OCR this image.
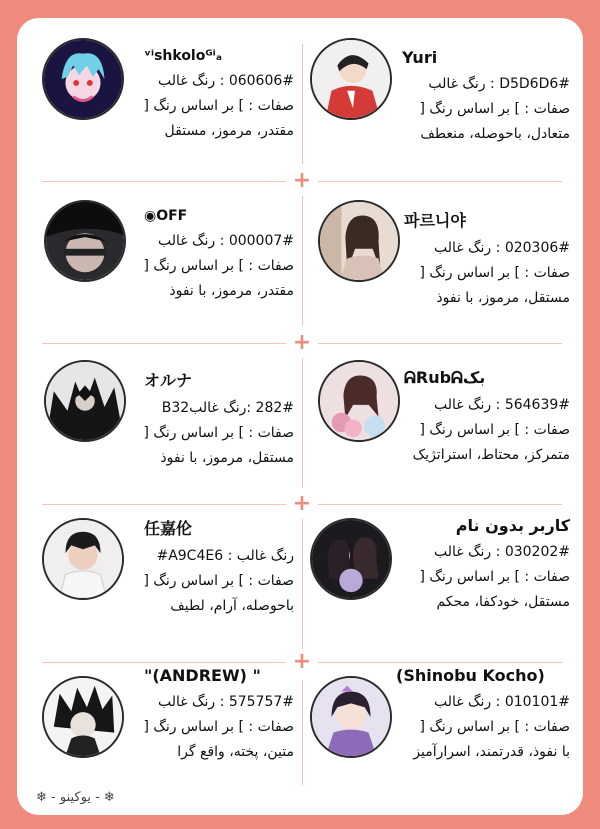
+
+
+
+
Yuri
#D5D6D6 : رنگ غالب
صفات : ] بر اساس رنگ [
متعادل، باحوصله، منعطف
ᵛⁱshkoloᴳⁱₐ
060606# : رنگ غالب
صفات : ] بر اساس رنگ [
مقتدر، مرموز، مستقل
파르니야
020306# : رنگ غالب
صفات : ] بر اساس رنگ [
مستقل، مرموز، با نفوذ
◉OFF
000007# : رنگ غالب
صفات : ] بر اساس رنگ [
مقتدر، مرموز، با نفوذ
ᕱRubᕱبک
564639# : رنگ غالب
صفات : ] بر اساس رنگ [
متمرکز، محتاط، استراتژیک
オルナ
282# :رنگ غالبB32
صفات : ] بر اساس رنگ [
مستقل، مرموز، با نفوذ
کاربر بدون نام
030202# : رنگ غالب
صفات : ] بر اساس رنگ [
مستقل، خودکفا، محکم
任嘉伦
#A9C4E6 : رنگ غالب
صفات : ] بر اساس رنگ [
باحوصله، آرام، لطیف
(Shinobu Kocho)
010101# : رنگ غالب
صفات : ] بر اساس رنگ [
با نفوذ، قدرتمند، اسرارآمیز
"(ANDREW) "
575757# : رنگ غالب
صفات : ] بر اساس رنگ [
متین، پخته، واقع گرا
❄ - یوکینو - ❄
